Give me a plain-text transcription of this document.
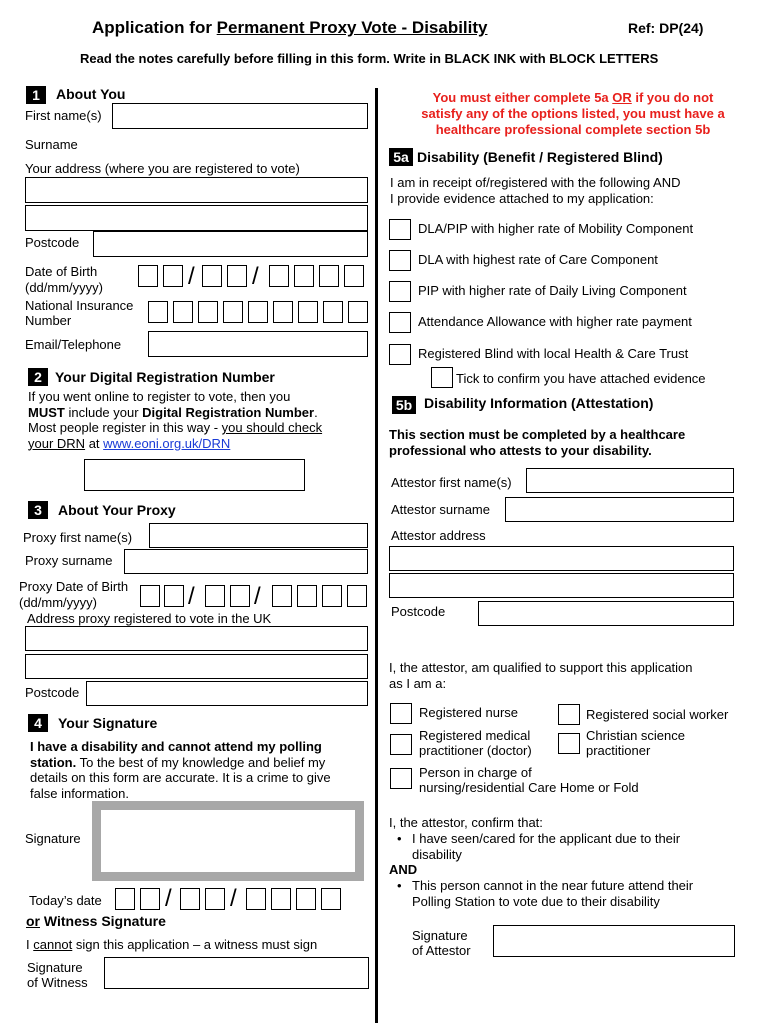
Application for Permanent Proxy Vote - Disability	Ref: DP(24)
Read the notes carefully before filling in this form. Write in BLACK INK with BLOCK LETTERS
1	About You
First name(s)
Surname
Your address (where you are registered to vote)
Postcode
Date of Birth
(dd/mm/yyyy)	/ /
National Insurance
Number
Email/Telephone
2 Your Digital Registration Number
If you went online to register to vote, then you
MUST include your Digital Registration Number.
Most people register in this way - you should check
your DRN at www.eoni.org.uk/DRN
3	About Your Proxy
Proxy first name(s)
Proxy surname
Proxy Date of Birth
(dd/mm/yyyy)	/ /
Address proxy registered to vote in the UK
Postcode
4	Your Signature
I have a disability and cannot attend my polling
station. To the best of my knowledge and belief my
details on this form are accurate. It is a crime to give
false information.
Signature
Today’s date	/ /
or Witness Signature
I cannot sign this application – a witness must sign
Signature
of Witness
You must either complete 5a OR if you do not
satisfy any of the options listed, you must have a
healthcare professional complete section 5b
5a Disability (Benefit / Registered Blind)
I am in receipt of/registered with the following AND
I provide evidence attached to my application:
DLA/PIP with higher rate of Mobility Component
DLA with highest rate of Care Component
PIP with higher rate of Daily Living Component
Attendance Allowance with higher rate payment
Registered Blind with local Health & Care Trust
Tick to confirm you have attached evidence
5b Disability Information (Attestation)
This section must be completed by a healthcare
professional who attests to your disability.
Attestor first name(s)
Attestor surname
Attestor address
Postcode
I, the attestor, am qualified to support this application
as I am a:
Registered nurse	Registered social worker
Registered medical
practitioner (doctor)
Christian science
practitioner
Person in charge of
nursing/residential Care Home or Fold
I, the attestor, confirm that:
• I have seen/cared for the applicant due to their
disability
AND
• This person cannot in the near future attend their
Polling Station to vote due to their disability
Signature
of Attestor
